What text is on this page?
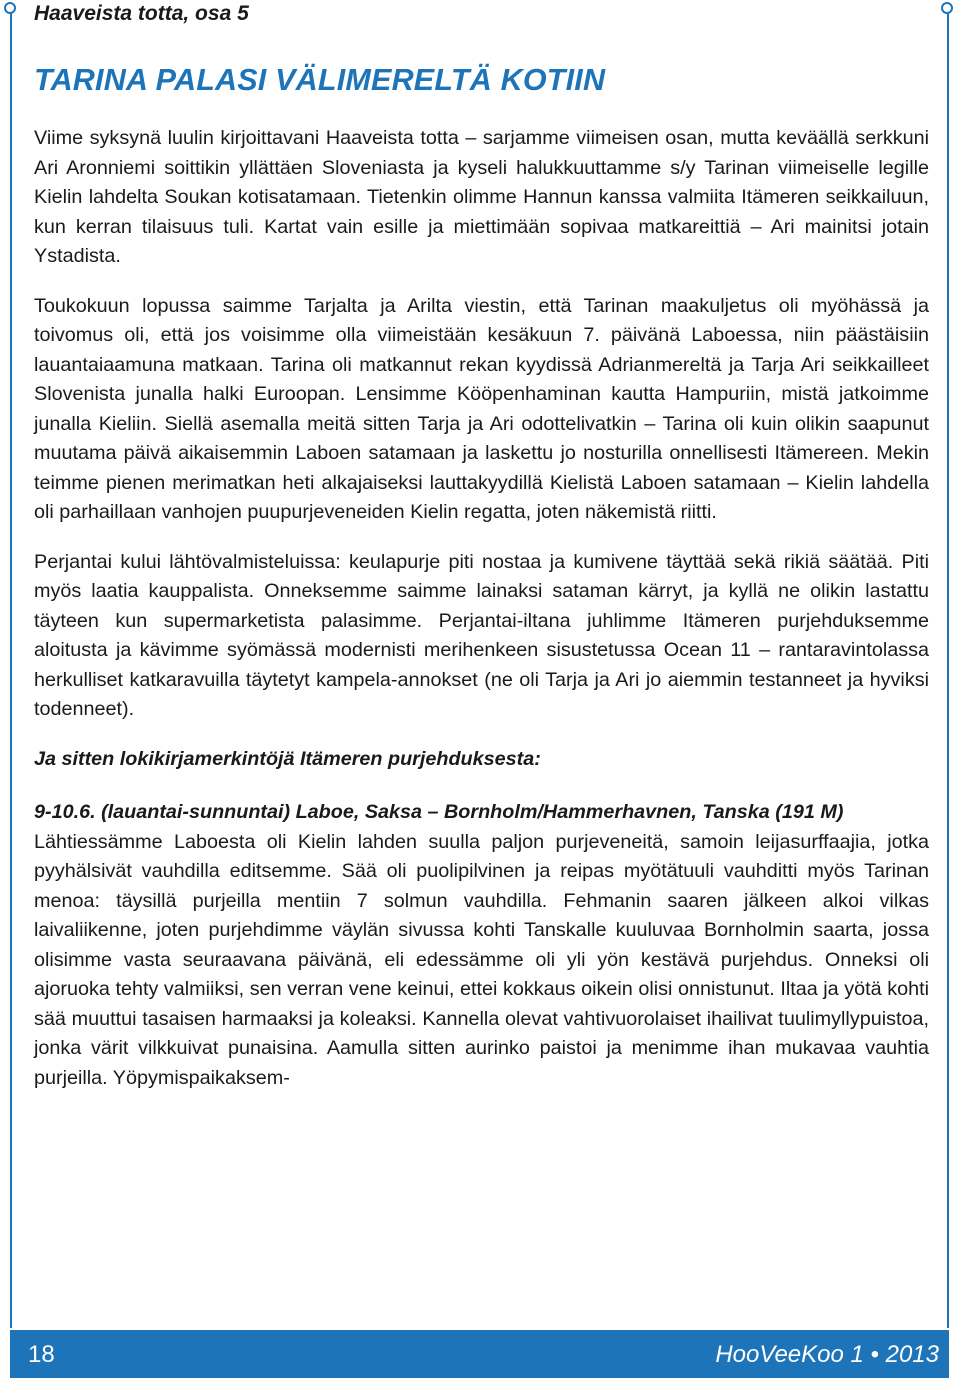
Haaveista totta, osa 5
TARINA PALASI VÄLIMERELTÄ KOTIIN

Viime syksynä luulin kirjoittavani Haaveista totta – sarjamme viimeisen osan, mutta keväällä serkkuni Ari Aronniemi soittikin yllättäen Sloveniasta ja kyseli halukkuuttamme s/y Tarinan viimeiselle legille Kielin lahdelta Soukan kotisatamaan. Tietenkin olimme Hannun kanssa valmiita Itämeren seikkailuun, kun kerran tilaisuus tuli. Kartat vain esille ja miettimään sopivaa matkareittiä – Ari mainitsi jotain Ystadista.

Toukokuun lopussa saimme Tarjalta ja Arilta viestin, että Tarinan maakuljetus oli myöhässä ja toivomus oli, että jos voisimme olla viimeistään kesäkuun 7. päivänä Laboessa, niin päästäisiin lauantaiaamuna matkaan. Tarina oli matkannut rekan kyydissä Adrianmereltä ja Tarja Ari seikkailleet Slovenista junalla halki Euroopan. Lensimme Kööpenhaminan kautta Hampuriin, mistä jatkoimme junalla Kieliin. Siellä asemalla meitä sitten Tarja ja Ari odottelivatkin – Tarina oli kuin olikin saapunut muutama päivä aikaisemmin Laboen satamaan ja laskettu jo nosturilla onnellisesti Itämereen. Mekin teimme pienen merimatkan heti alkajaiseksi lauttakyydillä Kielistä Laboen satamaan – Kielin lahdella oli parhaillaan vanhojen puupurjeveneiden Kielin regatta, joten näkemistä riitti.

Perjantai kului lähtövalmisteluissa: keulapurje piti nostaa ja kumivene täyttää sekä rikiä säätää. Piti myös laatia kauppalista. Onneksemme saimme lainaksi sataman kärryt, ja kyllä ne olikin lastattu täyteen kun supermarketista palasimme. Perjantai-iltana juhlimme Itämeren purjehduksemme aloitusta ja kävimme syömässä modernisti merihenkeen sisustetussa Ocean 11 – rantaravintolassa herkulliset katkaravuilla täytetyt kampela-annokset (ne oli Tarja ja Ari jo aiemmin testanneet ja hyviksi todenneet).

Ja sitten lokikirjamerkintöjä Itämeren purjehduksesta:

9-10.6. (lauantai-sunnuntai) Laboe, Saksa – Bornholm/Hammerhavnen, Tanska (191 M)

Lähtiessämme Laboesta oli Kielin lahden suulla paljon purjeveneitä, samoin leijasurffaajia, jotka pyyhälsivät vauhdilla editsemme. Sää oli puolipilvinen ja reipas myötätuuli vauhditti myös Tarinan menoa: täysillä purjeilla mentiin 7 solmun vauhdilla. Fehmanin saaren jälkeen alkoi vilkas laivaliikenne, joten purjehdimme väylän sivussa kohti Tanskalle kuuluvaa Bornholmin saarta, jossa olisimme vasta seuraavana päivänä, eli edessämme oli yli yön kestävä purjehdus. Onneksi oli ajoruoka tehty valmiiksi, sen verran vene keinui, ettei kokkaus oikein olisi onnistunut. Iltaa ja yötä kohti sää muuttui tasaisen harmaaksi ja koleaksi. Kannella olevat vahtivuorolaiset ihailivat tuulimyllypuistoa, jonka värit vilkkuivat punaisina. Aamulla sitten aurinko paistoi ja menimme ihan mukavaa vauhtia purjeilla. Yöpymispaikaksem-

18	HooVeeKoo 1 • 2013
